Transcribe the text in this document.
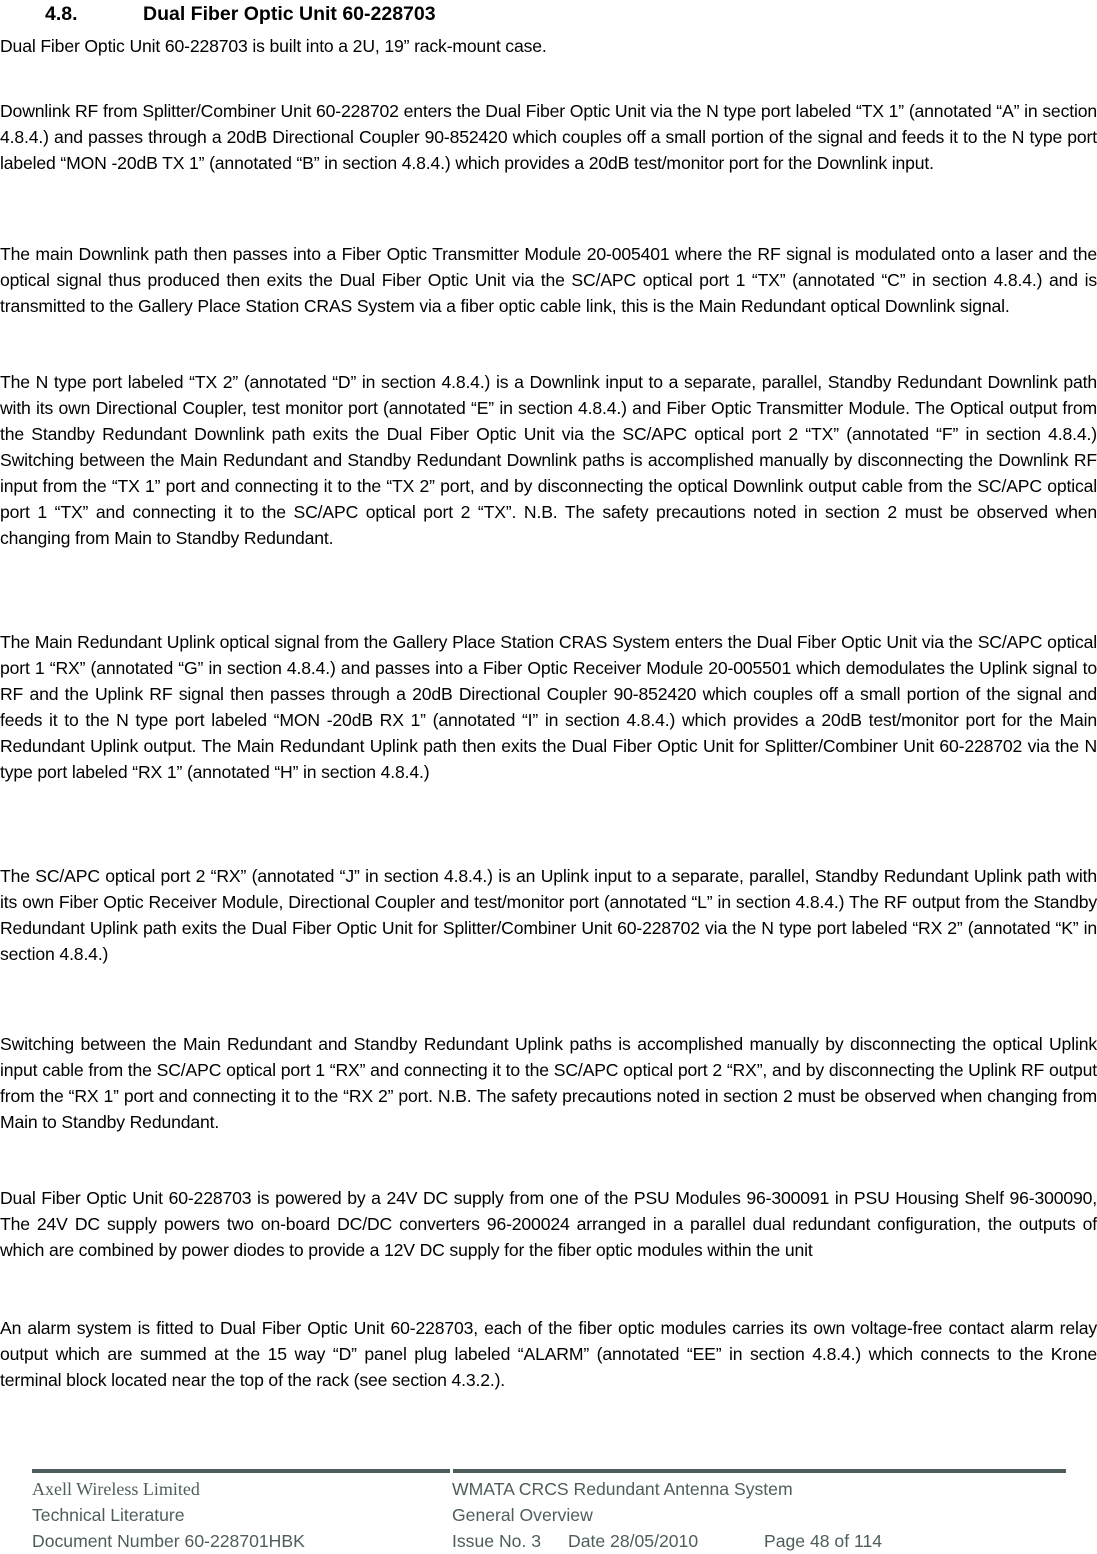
4.8.	Dual Fiber Optic Unit 60-228703

Dual Fiber Optic Unit 60-228703 is built into a 2U, 19” rack-mount case.

Downlink RF from Splitter/Combiner Unit 60-228702 enters the Dual Fiber Optic Unit via the N type port labeled “TX 1” (annotated “A” in section 4.8.4.) and passes through a 20dB Directional Coupler 90-852420 which couples off a small portion of the signal and feeds it to the N type port labeled “MON -20dB TX 1” (annotated “B” in section 4.8.4.) which provides a 20dB test/monitor port for the Downlink input.

The main Downlink path then passes into a Fiber Optic Transmitter Module 20-005401 where the RF signal is modulated onto a laser and the optical signal thus produced then exits the Dual Fiber Optic Unit via the SC/APC optical port 1 “TX” (annotated “C” in section 4.8.4.) and is transmitted to the Gallery Place Station CRAS System via a fiber optic cable link, this is the Main Redundant optical Downlink signal.

The N type port labeled “TX 2” (annotated “D” in section 4.8.4.) is a Downlink input to a separate, parallel, Standby Redundant Downlink path with its own Directional Coupler, test monitor port (annotated “E” in section 4.8.4.) and Fiber Optic Transmitter Module. The Optical output from the Standby Redundant Downlink path exits the Dual Fiber Optic Unit via the SC/APC optical port 2 “TX” (annotated “F” in section 4.8.4.) Switching between the Main Redundant and Standby Redundant Downlink paths is accomplished manually by disconnecting the Downlink RF input from the “TX 1” port and connecting it to the “TX 2” port, and by disconnecting the optical Downlink output cable from the SC/APC optical port 1 “TX” and connecting it to the SC/APC optical port 2 “TX”. N.B. The safety precautions noted in section 2 must be observed when changing from Main to Standby Redundant.

The Main Redundant Uplink optical signal from the Gallery Place Station CRAS System enters the Dual Fiber Optic Unit via the SC/APC optical port 1 “RX” (annotated “G” in section 4.8.4.) and passes into a Fiber Optic Receiver Module 20-005501 which demodulates the Uplink signal to RF and the Uplink RF signal then passes through a 20dB Directional Coupler 90-852420 which couples off a small portion of the signal and feeds it to the N type port labeled “MON -20dB RX 1” (annotated “I” in section 4.8.4.) which provides a 20dB test/monitor port for the Main Redundant Uplink output. The Main Redundant Uplink path then exits the Dual Fiber Optic Unit for Splitter/Combiner Unit 60-228702 via the N type port labeled “RX 1” (annotated “H” in section 4.8.4.)

The SC/APC optical port 2 “RX” (annotated “J” in section 4.8.4.) is an Uplink input to a separate, parallel, Standby Redundant Uplink path with its own Fiber Optic Receiver Module, Directional Coupler and test/monitor port (annotated “L” in section 4.8.4.) The RF output from the Standby Redundant Uplink path exits the Dual Fiber Optic Unit for Splitter/Combiner Unit 60-228702 via the N type port labeled “RX 2” (annotated “K” in section 4.8.4.)

Switching between the Main Redundant and Standby Redundant Uplink paths is accomplished manually by disconnecting the optical Uplink input cable from the SC/APC optical port 1 “RX” and connecting it to the SC/APC optical port 2 “RX”, and by disconnecting the Uplink RF output from the “RX 1” port and connecting it to the “RX 2” port. N.B. The safety precautions noted in section 2 must be observed when changing from Main to Standby Redundant.

Dual Fiber Optic Unit 60-228703 is powered by a 24V DC supply from one of the PSU Modules 96-300091 in PSU Housing Shelf 96-300090, The 24V DC supply powers two on-board DC/DC converters 96-200024 arranged in a parallel dual redundant configuration, the outputs of which are combined by power diodes to provide a 12V DC supply for the fiber optic modules within the unit

An alarm system is fitted to Dual Fiber Optic Unit 60-228703, each of the fiber optic modules carries its own voltage-free contact alarm relay output which are summed at the 15 way “D” panel plug labeled “ALARM” (annotated “EE” in section 4.8.4.) which connects to the Krone terminal block located near the top of the rack (see section 4.3.2.).

Axell Wireless Limited
Technical Literature
Document Number 60-228701HBK
WMATA CRCS Redundant Antenna System
General Overview
Issue No. 3 Date 28/05/2010	Page 48 of 114
